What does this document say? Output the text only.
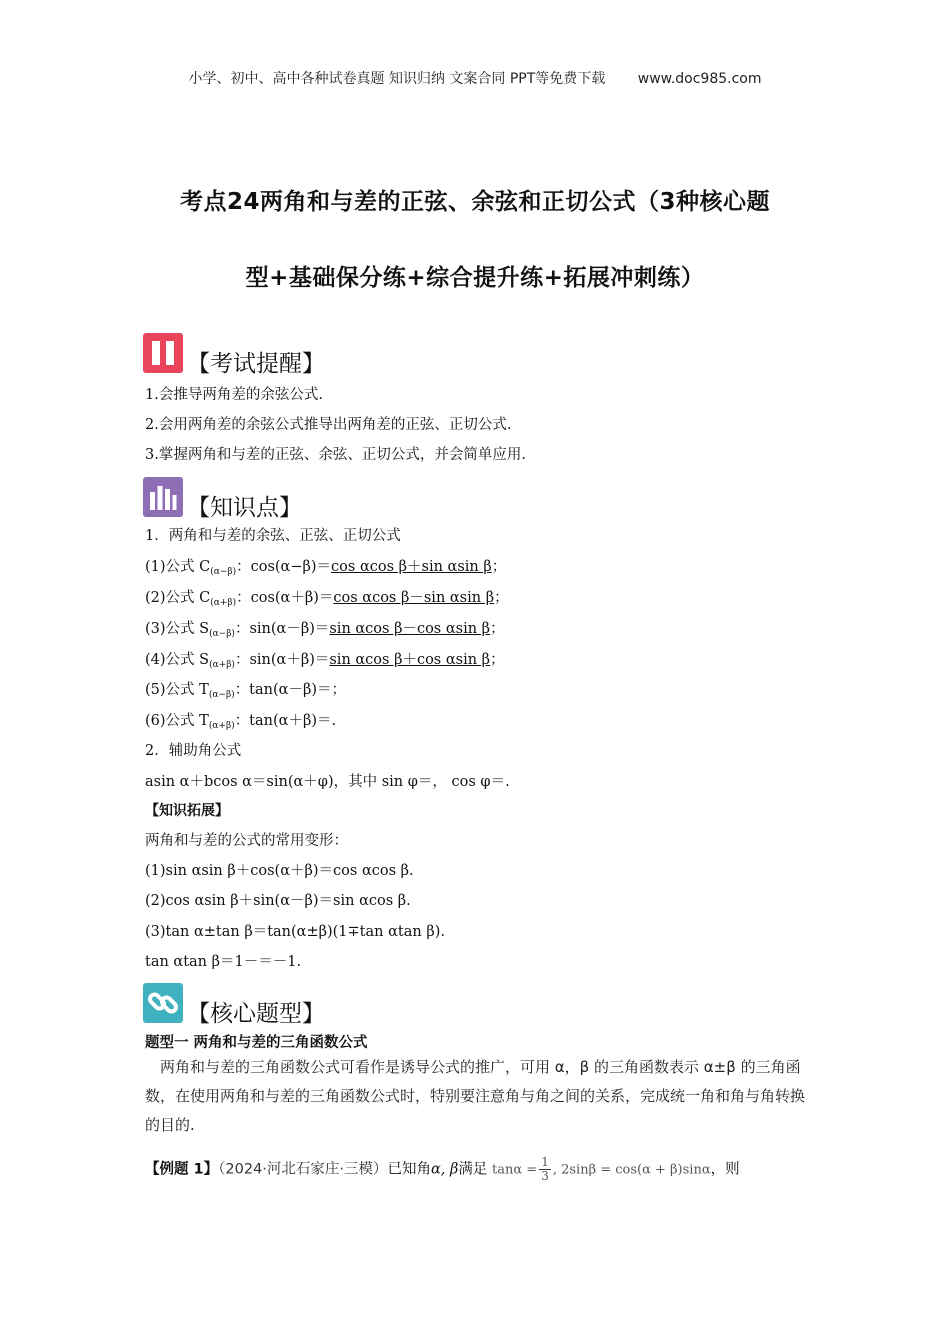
小学、初中、高中各种试卷真题 知识归纳 文案合同 PPT等免费下载 www.doc985.com
考点24两角和与差的正弦、余弦和正切公式（3种核心题
型+基础保分练+综合提升练+拓展冲刺练）
【考试提醒】
1.会推导两角差的余弦公式.
2.会用两角差的余弦公式推导出两角差的正弦、正切公式.
3.掌握两角和与差的正弦、余弦、正切公式，并会简单应用.
【知识点】
1．两角和与差的余弦、正弦、正切公式
(1)公式 $C_{(\alpha-\beta)}$：cos(α−β)＝cos αcos β＋sin αsin β；
(2)公式 $C_{(\alpha+\beta)}$：cos(α＋β)＝cos αcos β－sin αsin β；
(3)公式 $S_{(\alpha-\beta)}$：sin(α－β)＝sin αcos β－cos αsin β；
(4)公式 $S_{(\alpha+\beta)}$：sin(α＋β)＝sin αcos β＋cos αsin β；
(5)公式 $T_{(\alpha-\beta)}$：tan(α－β)＝；
(6)公式 $T_{(\alpha+\beta)}$：tan(α＋β)＝.
2．辅助角公式
asin α＋bcos α＝sin(α＋φ)，其中 sin φ＝， cos φ＝.
【知识拓展】
两角和与差的公式的常用变形：
(1)sin αsin β＋cos(α＋β)＝cos αcos β.
(2)cos αsin β＋sin(α－β)＝sin αcos β.
(3)tan α±tan β＝tan(α±β)(1∓tan αtan β).
tan αtan β＝1－＝－1.
【核心题型】
题型一 两角和与差的三角函数公式
两角和与差的三角函数公式可看作是诱导公式的推广，可用 α，β 的三角函数表示 α±β 的三角函数，在使用两角和与差的三角函数公式时，特别要注意角与角之间的关系，完成统一角和角与角转换的目的.
【例题 1】（2024·河北石家庄·三模）已知角α, β满足 $\tan\alpha = \frac{1}{3}$ , 2sinβ = cos(α + β)sinα，则
